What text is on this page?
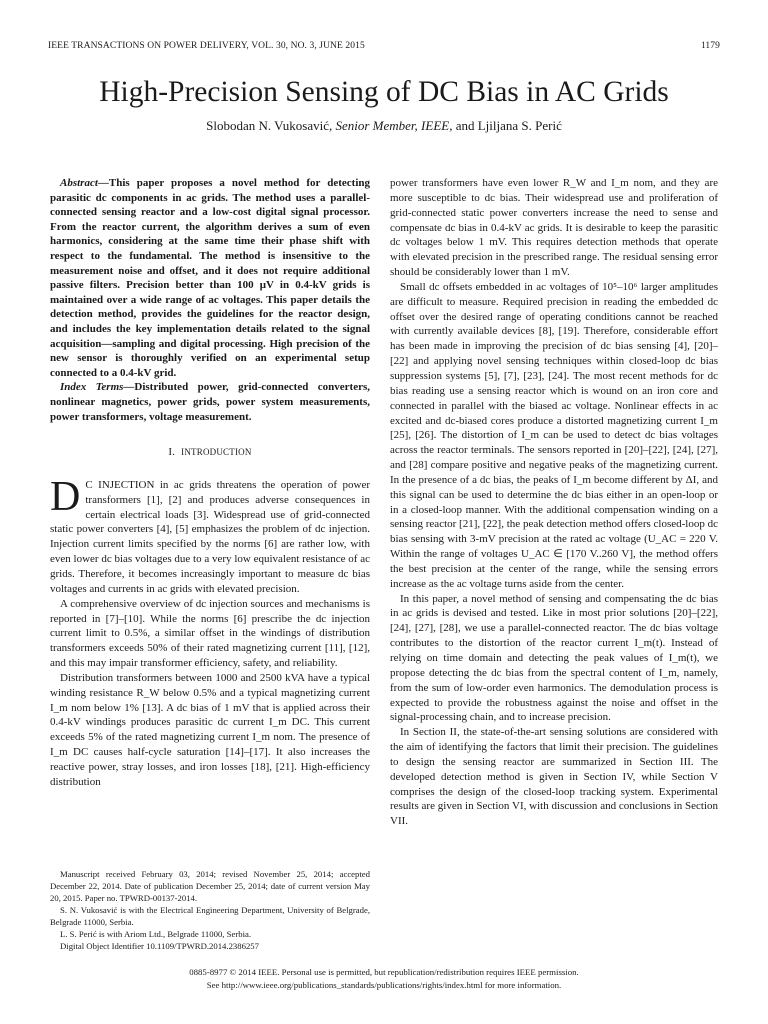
IEEE TRANSACTIONS ON POWER DELIVERY, VOL. 30, NO. 3, JUNE 2015	1179
High-Precision Sensing of DC Bias in AC Grids
Slobodan N. Vukosavić, Senior Member, IEEE, and Ljiljana S. Perić

Abstract—This paper proposes a novel method for detecting parasitic dc components in ac grids. The method uses a parallel-connected sensing reactor and a low-cost digital signal processor. From the reactor current, the algorithm derives a sum of even harmonics, considering at the same time their phase shift with respect to the fundamental. The method is insensitive to the measurement noise and offset, and it does not require additional passive filters. Precision better than 100 μV in 0.4-kV grids is maintained over a wide range of ac voltages. This paper details the detection method, provides the guidelines for the reactor design, and includes the key implementation details related to the signal acquisition—sampling and digital processing. High precision of the new sensor is thoroughly verified on an experimental setup connected to a 0.4-kV grid.

Index Terms—Distributed power, grid-connected converters, nonlinear magnetics, power grids, power system measurements, power transformers, voltage measurement.

I. INTRODUCTION
D C INJECTION in ac grids threatens the operation of power transformers [1], [2] and produces adverse consequences in certain electrical loads [3]. Widespread use of grid-connected static power converters [4], [5] emphasizes the problem of dc injection. Injection current limits specified by the norms [6] are rather low, with even lower dc bias voltages due to a very low equivalent resistance of ac grids. Therefore, it becomes increasingly important to measure dc bias voltages and currents in ac grids with elevated precision.

A comprehensive overview of dc injection sources and mechanisms is reported in [7]–[10]. While the norms [6] prescribe the dc injection current limit to 0.5%, a similar offset in the windings of distribution transformers exceeds 50% of their rated magnetizing current [11], [12], and this may impair transformer efficiency, safety, and reliability.

Distribution transformers between 1000 and 2500 kVA have a typical winding resistance R_W below 0.5% and a typical magnetizing current I_m nom below 1% [13]. A dc bias of 1 mV that is applied across their 0.4-kV windings produces parasitic dc current I_m DC. This current exceeds 5% of the rated magnetizing current I_m nom. The presence of I_m DC causes half-cycle saturation [14]–[17]. It also increases the reactive power, stray losses, and iron losses [18], [21]. High-efficiency distribution

power transformers have even lower R_W and I_m nom, and they are more susceptible to dc bias. Their widespread use and proliferation of grid-connected static power converters increase the need to sense and compensate dc bias in 0.4-kV ac grids. It is desirable to keep the parasitic dc voltages below 1 mV. This requires detection methods that operate with elevated precision in the prescribed range. The residual sensing error should be considerably lower than 1 mV.

Small dc offsets embedded in ac voltages of 10⁵–10⁶ larger amplitudes are difficult to measure. Required precision in reading the embedded dc offset over the desired range of operating conditions cannot be reached with currently available devices [8], [19]. Therefore, considerable effort has been made in improving the precision of dc bias sensing [4], [20]–[22] and applying novel sensing techniques within closed-loop dc bias suppression systems [5], [7], [23], [24]. The most recent methods for dc bias reading use a sensing reactor which is wound on an iron core and connected in parallel with the biased ac voltage. Nonlinear effects in ac excited and dc-biased cores produce a distorted magnetizing current I_m [25], [26]. The distortion of I_m can be used to detect dc bias voltages across the reactor terminals. The sensors reported in [20]–[22], [24], [27], and [28] compare positive and negative peaks of the magnetizing current. In the presence of a dc bias, the peaks of I_m become different by ΔI, and this signal can be used to determine the dc bias either in an open-loop or in a closed-loop manner. With the additional compensation winding on a sensing reactor [21], [22], the peak detection method offers closed-loop dc bias sensing with 3-mV precision at the rated ac voltage (U_AC = 220 V. Within the range of voltages U_AC ∈ [170 V..260 V], the method offers the best precision at the center of the range, while the sensing errors increase as the ac voltage turns aside from the center.

In this paper, a novel method of sensing and compensating the dc bias in ac grids is devised and tested. Like in most prior solutions [20]–[22], [24], [27], [28], we use a parallel-connected reactor. The dc bias voltage contributes to the distortion of the reactor current I_m(t). Instead of relying on time domain and detecting the peak values of I_m(t), we propose detecting the dc bias from the spectral content of I_m, namely, from the sum of low-order even harmonics. The demodulation process is expected to provide the robustness against the noise and offset in the signal-processing chain, and to increase precision.

In Section II, the state-of-the-art sensing solutions are considered with the aim of identifying the factors that limit their precision. The guidelines to design the sensing reactor are summarized in Section III. The developed detection method is given in Section IV, while Section V comprises the design of the closed-loop tracking system. Experimental results are given in Section VI, with discussion and conclusions in Section VII.

Manuscript received February 03, 2014; revised November 25, 2014; accepted December 22, 2014. Date of publication December 25, 2014; date of current version May 20, 2015. Paper no. TPWRD-00137-2014.

S. N. Vukosavić is with the Electrical Engineering Department, University of Belgrade, Belgrade 11000, Serbia.

L. S. Perić is with Ariom Ltd., Belgrade 11000, Serbia.

Digital Object Identifier 10.1109/TPWRD.2014.2386257

0885-8977 © 2014 IEEE. Personal use is permitted, but republication/redistribution requires IEEE permission.
See http://www.ieee.org/publications_standards/publications/rights/index.html for more information.
